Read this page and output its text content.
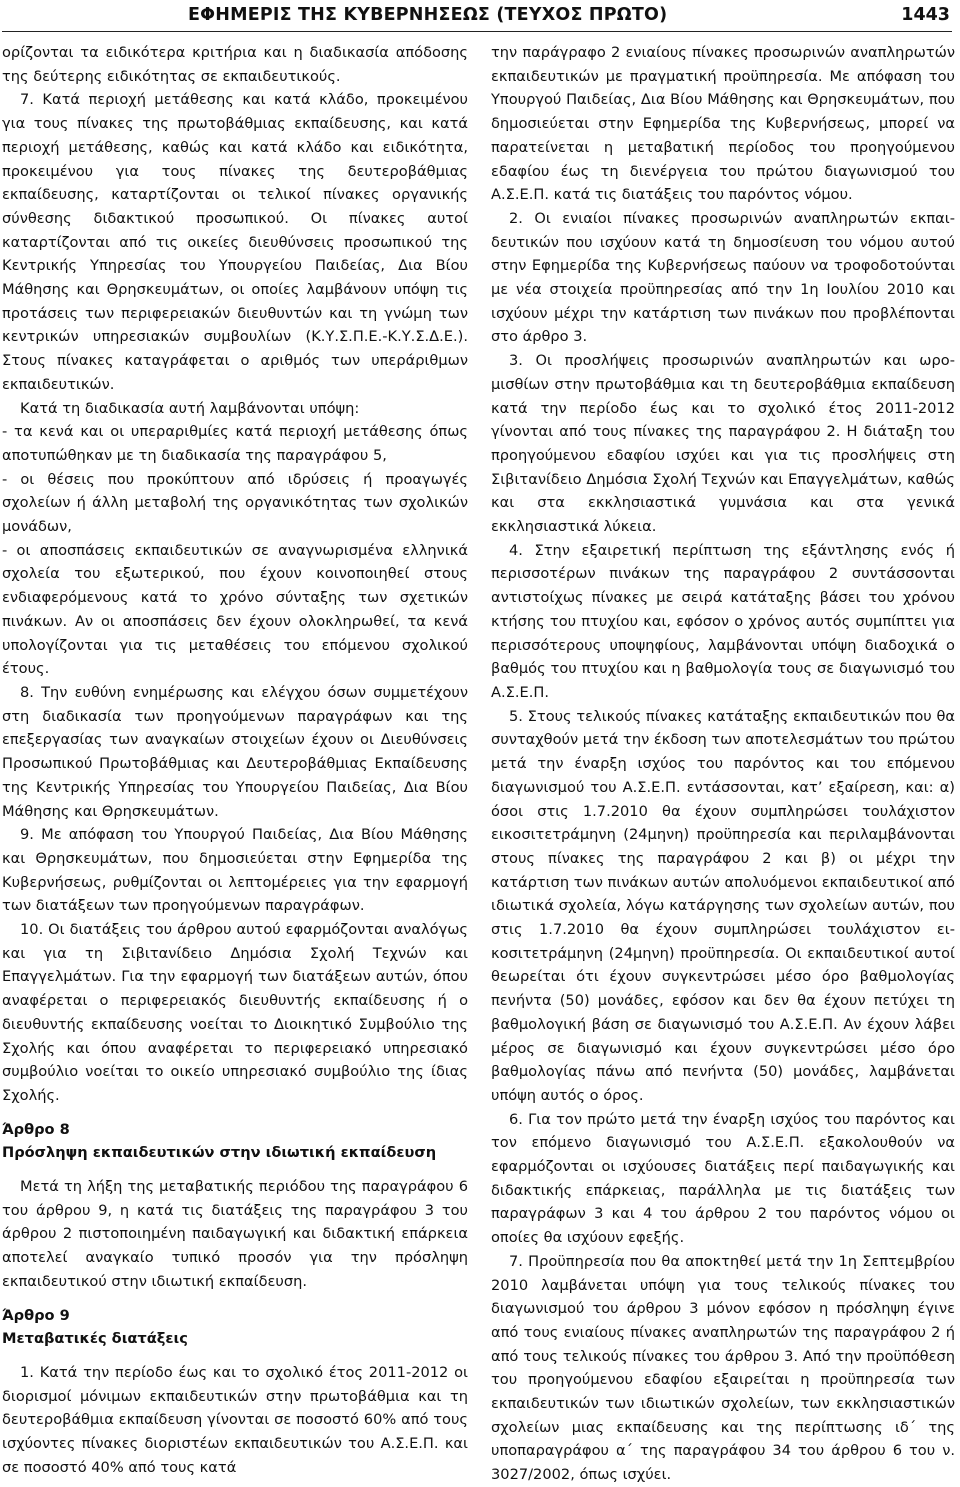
ΕΦΗΜΕΡΙΣ ΤΗΣ ΚΥΒΕΡΝΗΣΕΩΣ (ΤΕΥΧΟΣ ΠΡΩΤΟ)	1443

ορίζονται τα ειδικότερα κριτήρια και η διαδικασία απόδοσης της δεύτερης ειδικότητας σε εκπαιδευτικούς.

7. Κατά περιοχή μετάθεσης και κατά κλάδο, προκειμένου για τους πίνακες της πρωτοβάθμιας εκπαίδευσης, και κατά περιοχή μετάθεσης, καθώς και κατά κλάδο και ειδικότητα, προκειμένου για τους πίνακες της δευτεροβάθμιας εκπαίδευσης, καταρτίζονται οι τελικοί πίνακες οργανικής σύνθεσης διδακτικού προσωπικού. Οι πίνακες αυτοί καταρτίζονται από τις οικείες διευθύνσεις προσωπικού της Κεντρικής Υπηρεσίας του Υπουργείου Παιδείας, Δια Βίου Μάθησης και Θρησκευμάτων, οι οποίες λαμβάνουν υπόψη τις προτάσεις των περιφερειακών διευθυντών και τη γνώμη των κεντρικών υπηρεσιακών συμβουλίων (Κ.Υ.Σ.Π.Ε.-Κ.Υ.Σ.Δ.Ε.). Στους πίνακες καταγράφεται ο αριθμός των υπεράριθμων εκπαιδευτικών.

Κατά τη διαδικασία αυτή λαμβάνονται υπόψη:

- τα κενά και οι υπεραριθμίες κατά περιοχή μετάθεσης όπως αποτυπώθηκαν με τη διαδικασία της παραγράφου 5,

- οι θέσεις που προκύπτουν από ιδρύσεις ή προαγωγές σχολείων ή άλλη μεταβολή της οργανικότητας των σχολικών μονάδων,

- οι αποσπάσεις εκπαιδευτικών σε αναγνωρισμένα ελληνικά σχολεία του εξωτερικού, που έχουν κοινοποιηθεί στους ενδιαφερόμενους κατά το χρόνο σύνταξης των σχετικών πινάκων. Αν οι αποσπάσεις δεν έχουν ολοκληρωθεί, τα κενά υπολογίζονται για τις μεταθέσεις του επόμενου σχολικού έτους.

8. Την ευθύνη ενημέρωσης και ελέγχου όσων συμμετέχουν στη διαδικασία των προηγούμενων παραγράφων και της επεξεργασίας των αναγκαίων στοιχείων έχουν οι Διευθύνσεις Προσωπικού Πρωτοβάθμιας και Δευτεροβάθμιας Εκπαίδευσης της Κεντρικής Υπηρεσίας του Υπουργείου Παιδείας, Δια Βίου Μάθησης και Θρησκευμάτων.

9. Με απόφαση του Υπουργού Παιδείας, Δια Βίου Μάθησης και Θρησκευμάτων, που δημοσιεύεται στην Εφημερίδα της Κυβερνήσεως, ρυθμίζονται οι λεπτομέρειες για την εφαρμογή των διατάξεων των προηγούμενων παραγράφων.

10. Οι διατάξεις του άρθρου αυτού εφαρμόζονται αναλόγως και για τη Σιβιτανίδειο Δημόσια Σχολή Τεχνών και Επαγγελμάτων. Για την εφαρμογή των διατάξεων αυτών, όπου αναφέρεται ο περιφερειακός διευθυντής εκπαίδευσης ή ο διευθυντής εκπαίδευσης νοείται το Διοικητικό Συμβούλιο της Σχολής και όπου αναφέρεται το περιφερειακό υπηρεσιακό συμβούλιο νοείται το οικείο υπηρεσιακό συμβούλιο της ίδιας Σχολής.

Άρθρο 8

Πρόσληψη εκπαιδευτικών στην ιδιωτική εκπαίδευση

Μετά τη λήξη της μεταβατικής περιόδου της παραγράφου 6 του άρθρου 9, η κατά τις διατάξεις της παραγράφου 3 του άρθρου 2 πιστοποιημένη παιδαγωγική και διδακτική επάρκεια αποτελεί αναγκαίο τυπικό προσόν για την πρόσληψη εκπαιδευτικού στην ιδιωτική εκπαίδευση.

Άρθρο 9

Μεταβατικές διατάξεις

1. Κατά την περίοδο έως και το σχολικό έτος 2011-2012 οι διορισμοί μόνιμων εκπαιδευτικών στην πρωτοβάθμια και τη δευτεροβάθμια εκπαίδευση γίνονται σε ποσοστό 60% από τους ισχύοντες πίνακες διοριστέων εκπαιδευτικών του Α.Σ.Ε.Π. και σε ποσοστό 40% από τους κατά

την παράγραφο 2 ενιαίους πίνακες προσωρινών αναπληρωτών εκπαιδευτικών με πραγματική προϋπηρεσία. Με απόφαση του Υπουργού Παιδείας, Δια Βίου Μάθησης και Θρησκευμάτων, που δημοσιεύεται στην Εφημερίδα της Κυβερνήσεως, μπορεί να παρατείνεται η μεταβατική περίοδος του προηγούμενου εδαφίου έως τη διενέργεια του πρώτου διαγωνισμού του Α.Σ.Ε.Π. κατά τις διατάξεις του παρόντος νόμου.

2. Οι ενιαίοι πίνακες προσωρινών αναπληρωτών εκπαιδευτικών που ισχύουν κατά τη δημοσίευση του νόμου αυτού στην Εφημερίδα της Κυβερνήσεως παύουν να τροφοδοτούνται με νέα στοιχεία προϋπηρεσίας από την 1η Ιουλίου 2010 και ισχύουν μέχρι την κατάρτιση των πινάκων που προβλέπονται στο άρθρο 3.

3. Οι προσλήψεις προσωρινών αναπληρωτών και ωρομισθίων στην πρωτοβάθμια και τη δευτεροβάθμια εκπαίδευση κατά την περίοδο έως και το σχολικό έτος 2011-2012 γίνονται από τους πίνακες της παραγράφου 2. Η διάταξη του προηγούμενου εδαφίου ισχύει και για τις προσλήψεις στη Σιβιτανίδειο Δημόσια Σχολή Τεχνών και Επαγγελμάτων, καθώς και στα εκκλησιαστικά γυμνάσια και στα γενικά εκκλησιαστικά λύκεια.

4. Στην εξαιρετική περίπτωση της εξάντλησης ενός ή περισσοτέρων πινάκων της παραγράφου 2 συντάσσονται αντιστοίχως πίνακες με σειρά κατάταξης βάσει του χρόνου κτήσης του πτυχίου και, εφόσον ο χρόνος αυτός συμπίπτει για περισσότερους υποψηφίους, λαμβάνονται υπόψη διαδοχικά ο βαθμός του πτυχίου και η βαθμολογία τους σε διαγωνισμό του Α.Σ.Ε.Π.

5. Στους τελικούς πίνακες κατάταξης εκπαιδευτικών που θα συνταχθούν μετά την έκδοση των αποτελεσμάτων του πρώτου μετά την έναρξη ισχύος του παρόντος και του επόμενου διαγωνισμού του Α.Σ.Ε.Π. εντάσσονται, κατ’ εξαίρεση, και: α) όσοι στις 1.7.2010 θα έχουν συμπληρώσει τουλάχιστον εικοσιτετράμηνη (24μηνη) προϋπηρεσία και περιλαμβάνονται στους πίνακες της παραγράφου 2 και β) οι μέχρι την κατάρτιση των πινάκων αυτών απολυόμενοι εκπαιδευτικοί από ιδιωτικά σχολεία, λόγω κατάργησης των σχολείων αυτών, που στις 1.7.2010 θα έχουν συμπληρώσει τουλάχιστον εικοσιτετράμηνη (24μηνη) προϋπηρεσία. Οι εκπαιδευτικοί αυτοί θεωρείται ότι έχουν συγκεντρώσει μέσο όρο βαθμολογίας πενήντα (50) μονάδες, εφόσον και δεν θα έχουν πετύχει τη βαθμολογική βάση σε διαγωνισμό του Α.Σ.Ε.Π. Αν έχουν λάβει μέρος σε διαγωνισμό και έχουν συγκεντρώσει μέσο όρο βαθμολογίας πάνω από πενήντα (50) μονάδες, λαμβάνεται υπόψη αυτός ο όρος.

6. Για τον πρώτο μετά την έναρξη ισχύος του παρόντος και τον επόμενο διαγωνισμό του Α.Σ.Ε.Π. εξακολουθούν να εφαρμόζονται οι ισχύουσες διατάξεις περί παιδαγωγικής και διδακτικής επάρκειας, παράλληλα με τις διατάξεις των παραγράφων 3 και 4 του άρθρου 2 του παρόντος νόμου οι οποίες θα ισχύουν εφεξής.

7. Προϋπηρεσία που θα αποκτηθεί μετά την 1η Σεπτεμβρίου 2010 λαμβάνεται υπόψη για τους τελικούς πίνακες του διαγωνισμού του άρθρου 3 μόνον εφόσον η πρόσληψη έγινε από τους ενιαίους πίνακες αναπληρωτών της παραγράφου 2 ή από τους τελικούς πίνακες του άρθρου 3. Από την προϋπόθεση του προηγούμενου εδαφίου εξαιρείται η προϋπηρεσία των εκπαιδευτικών των ιδιωτικών σχολείων, των εκκλησιαστικών σχολείων μιας εκπαίδευσης και της περίπτωσης ιδ΄ της υποπαραγράφου α΄ της παραγράφου 34 του άρθρου 6 του ν. 3027/2002, όπως ισχύει.
